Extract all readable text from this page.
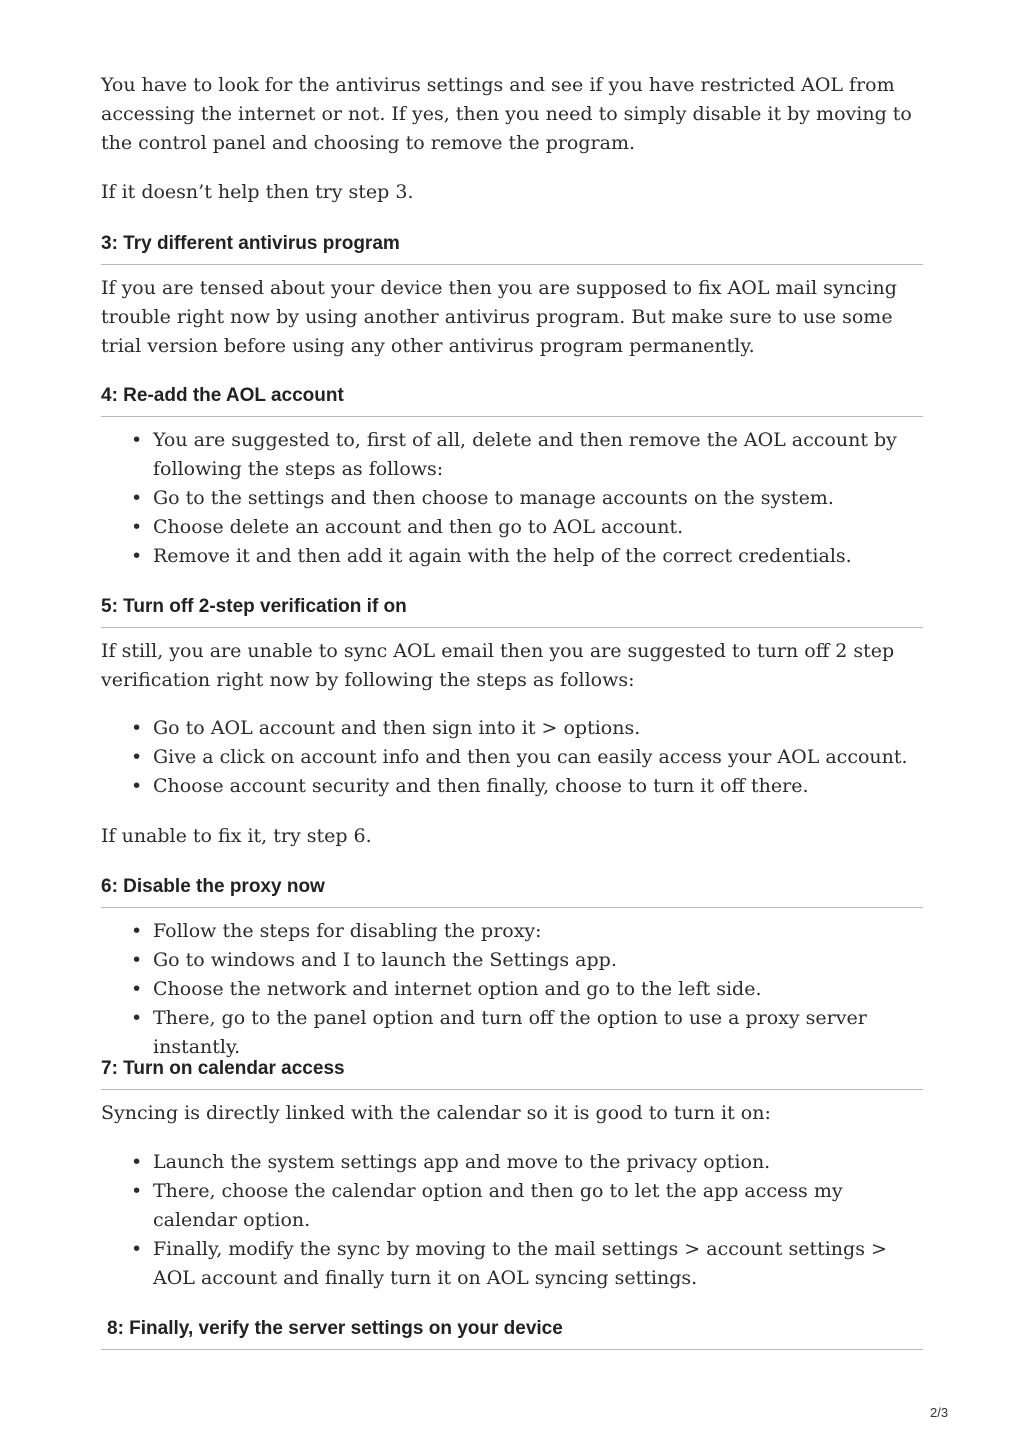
You have to look for the antivirus settings and see if you have restricted AOL from accessing the internet or not. If yes, then you need to simply disable it by moving to the control panel and choosing to remove the program.

If it doesn’t help then try step 3.

3: Try different antivirus program

If you are tensed about your device then you are supposed to fix AOL mail syncing trouble right now by using another antivirus program. But make sure to use some trial version before using any other antivirus program permanently.

4: Re-add the AOL account
• You are suggested to, first of all, delete and then remove the AOL account by following the steps as follows:
• Go to the settings and then choose to manage accounts on the system.
• Choose delete an account and then go to AOL account.
• Remove it and then add it again with the help of the correct credentials.
5: Turn off 2-step verification if on

If still, you are unable to sync AOL email then you are suggested to turn off 2 step verification right now by following the steps as follows:

• Go to AOL account and then sign into it > options.
• Give a click on account info and then you can easily access your AOL account.
• Choose account security and then finally, choose to turn it off there.

If unable to fix it, try step 6.

6: Disable the proxy now
• Follow the steps for disabling the proxy:
• Go to windows and I to launch the Settings app.
• Choose the network and internet option and go to the left side.
• There, go to the panel option and turn off the option to use a proxy server instantly.
7: Turn on calendar access

Syncing is directly linked with the calendar so it is good to turn it on:

• Launch the system settings app and move to the privacy option.
• There, choose the calendar option and then go to let the app access my calendar option.
• Finally, modify the sync by moving to the mail settings > account settings > AOL account and finally turn it on AOL syncing settings.
8: Finally, verify the server settings on your device
2/3
